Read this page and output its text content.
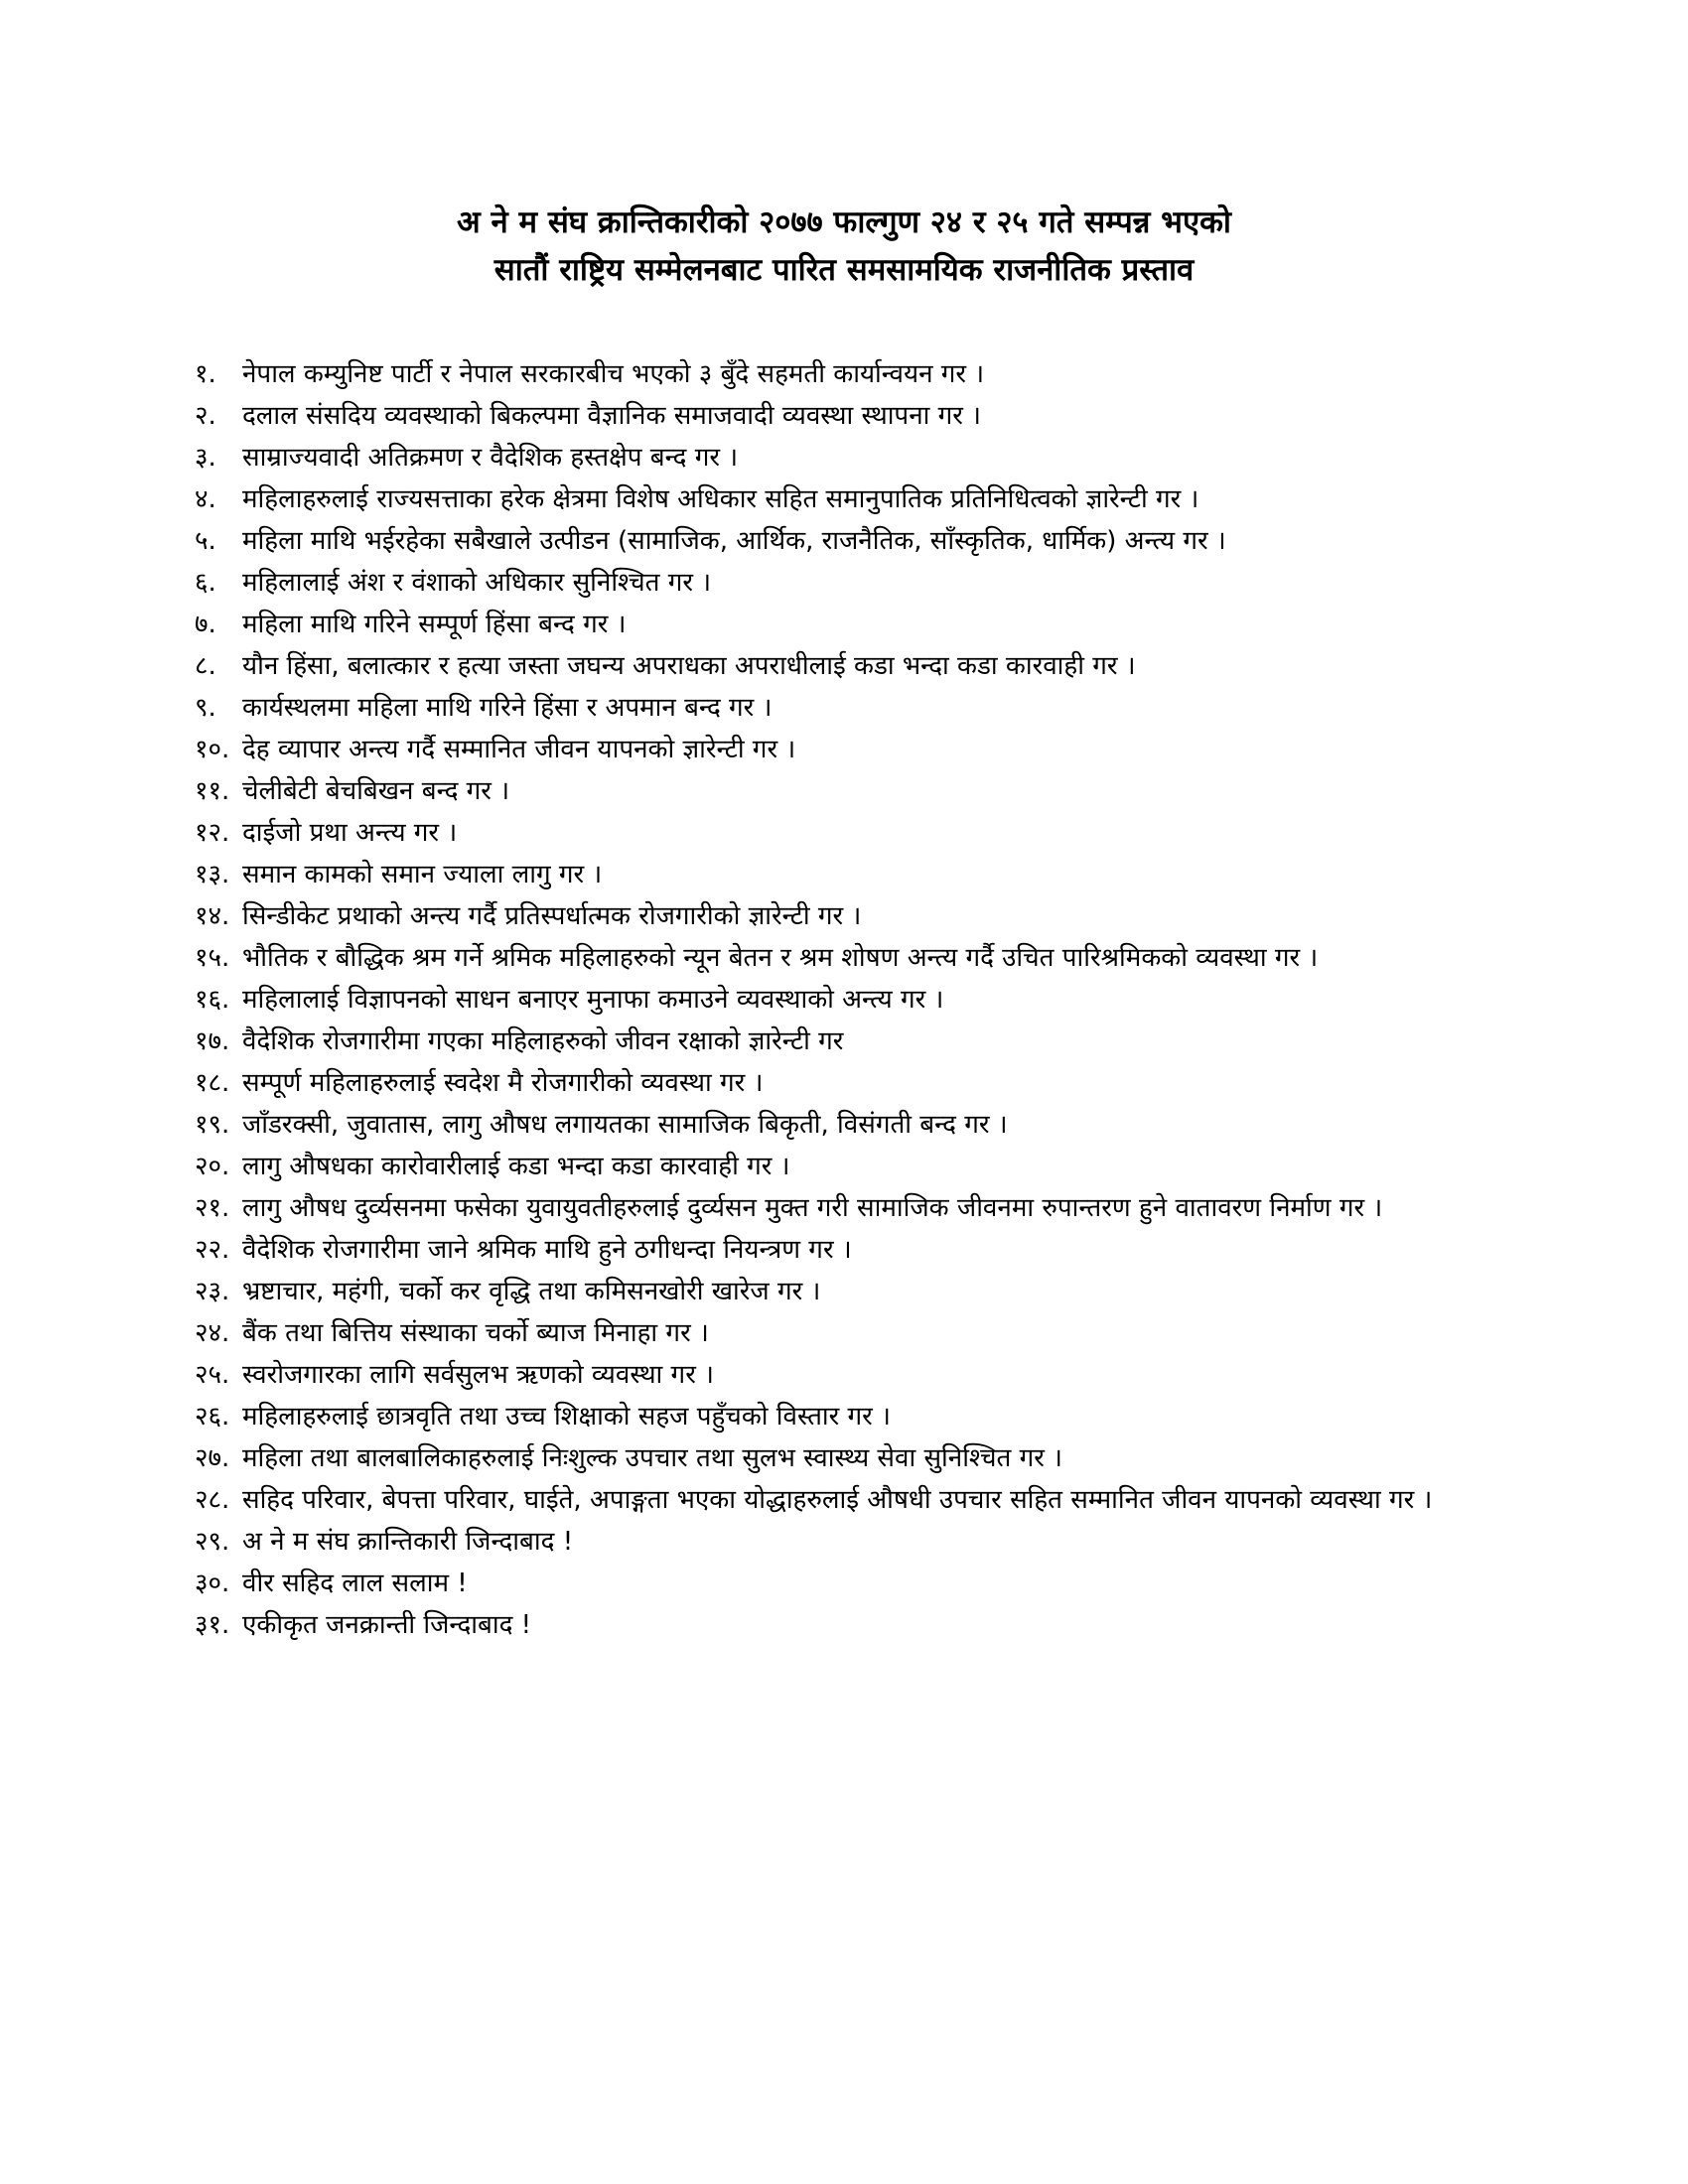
अ ने म संघ क्रान्तिकारीको २०७७ फाल्गुण २४ र २५ गते सम्पन्न भएको
सातौं राष्ट्रिय सम्मेलनबाट पारित समसामयिक राजनीतिक प्रस्ताव
१. नेपाल कम्युनिष्ट पार्टी र नेपाल सरकारबीच भएको ३ बुँदे सहमती कार्यान्वयन गर ।
२. दलाल संसदिय व्यवस्थाको बिकल्पमा वैज्ञानिक समाजवादी व्यवस्था स्थापना गर ।
३. साम्राज्यवादी अतिक्रमण र वैदेशिक हस्तक्षेप बन्द गर ।
४. महिलाहरुलाई राज्यसत्ताका हरेक क्षेत्रमा विशेष अधिकार सहित समानुपातिक प्रतिनिधित्वको ज्ञारेन्टी गर ।
५. महिला माथि भईरहेका सबैखाले उत्पीडन (सामाजिक, आर्थिक, राजनैतिक, साँस्कृतिक, धार्मिक) अन्त्य गर ।
६. महिलालाई अंश र वंशाको अधिकार सुनिश्चित गर ।
७. महिला माथि गरिने सम्पूर्ण हिंसा बन्द गर ।
८. यौन हिंसा, बलात्कार र हत्या जस्ता जघन्य अपराधका अपराधीलाई कडा भन्दा कडा कारवाही गर ।
९. कार्यस्थलमा महिला माथि गरिने हिंसा र अपमान बन्द गर ।
१०. देह व्यापार अन्त्य गर्दै सम्मानित जीवन यापनको ज्ञारेन्टी गर ।
११. चेलीबेटी बेचबिखन बन्द गर ।
१२. दाईजो प्रथा अन्त्य गर ।
१३. समान कामको समान ज्याला लागु गर ।
१४. सिन्डीकेट प्रथाको अन्त्य गर्दै प्रतिस्पर्धात्मक रोजगारीको ज्ञारेन्टी गर ।
१५. भौतिक र बौद्धिक श्रम गर्ने श्रमिक महिलाहरुको न्यून बेतन र श्रम शोषण अन्त्य गर्दै उचित पारिश्रमिकको व्यवस्था गर ।
१६. महिलालाई विज्ञापनको साधन बनाएर मुनाफा कमाउने व्यवस्थाको अन्त्य गर ।
१७. वैदेशिक रोजगारीमा गएका महिलाहरुको जीवन रक्षाको ज्ञारेन्टी गर
१८. सम्पूर्ण महिलाहरुलाई स्वदेश मै रोजगारीको व्यवस्था गर ।
१९. जाँडरक्सी, जुवातास, लागु औषध लगायतका सामाजिक बिकृती, विसंगती बन्द गर ।
२०. लागु औषधका कारोवारीलाई कडा भन्दा कडा कारवाही गर ।
२१. लागु औषध दुर्व्यसनमा फसेका युवायुवतीहरुलाई दुर्व्यसन मुक्त गरी सामाजिक जीवनमा रुपान्तरण हुने वातावरण निर्माण गर ।
२२. वैदेशिक रोजगारीमा जाने श्रमिक माथि हुने ठगीधन्दा नियन्त्रण गर ।
२३. भ्रष्टाचार, महंगी, चर्को कर वृद्धि तथा कमिसनखोरी खारेज गर ।
२४. बैंक तथा बित्तिय संस्थाका चर्को ब्याज मिनाहा गर ।
२५. स्वरोजगारका लागि सर्वसुलभ ऋणको व्यवस्था गर ।
२६. महिलाहरुलाई छात्रवृति तथा उच्च शिक्षाको सहज पहुँचको विस्तार गर ।
२७. महिला तथा बालबालिकाहरुलाई निःशुल्क उपचार तथा सुलभ स्वास्थ्य सेवा सुनिश्चित गर ।
२८. सहिद परिवार, बेपत्ता परिवार, घाईते, अपाङ्गता भएका योद्धाहरुलाई औषधी उपचार सहित सम्मानित जीवन यापनको व्यवस्था गर ।
२९. अ ने म संघ क्रान्तिकारी जिन्दाबाद !
३०. वीर सहिद लाल सलाम !
३१. एकीकृत जनक्रान्ती जिन्दाबाद !
